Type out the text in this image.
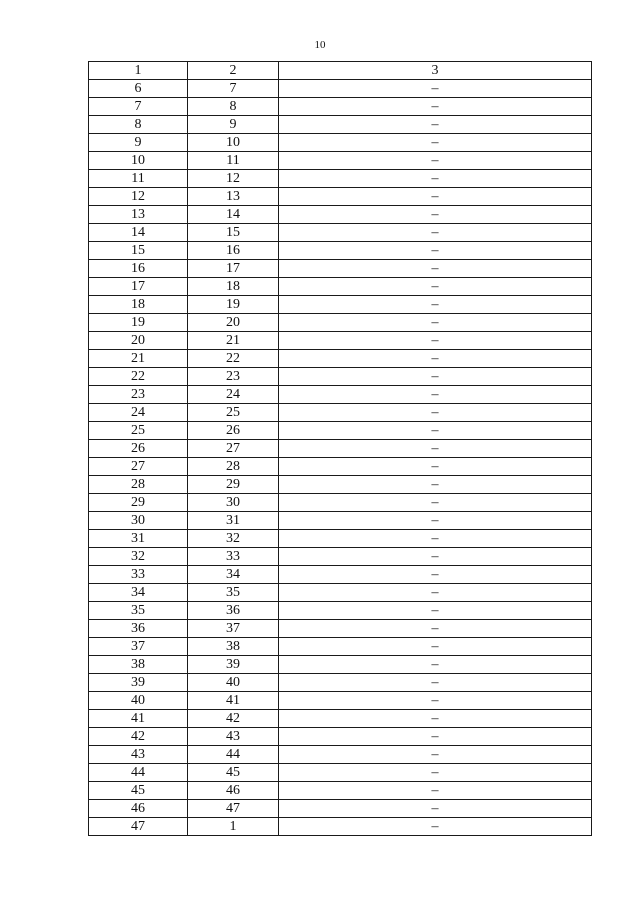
10
1	2	3
6	7	–
7	8	–
8	9	–
9	10	–
10	11	–
11	12	–
12	13	–
13	14	–
14	15	–
15	16	–
16	17	–
17	18	–
18	19	–
19	20	–
20	21	–
21	22	–
22	23	–
23	24	–
24	25	–
25	26	–
26	27	–
27	28	–
28	29	–
29	30	–
30	31	–
31	32	–
32	33	–
33	34	–
34	35	–
35	36	–
36	37	–
37	38	–
38	39	–
39	40	–
40	41	–
41	42	–
42	43	–
43	44	–
44	45	–
45	46	–
46	47	–
47	1	–
